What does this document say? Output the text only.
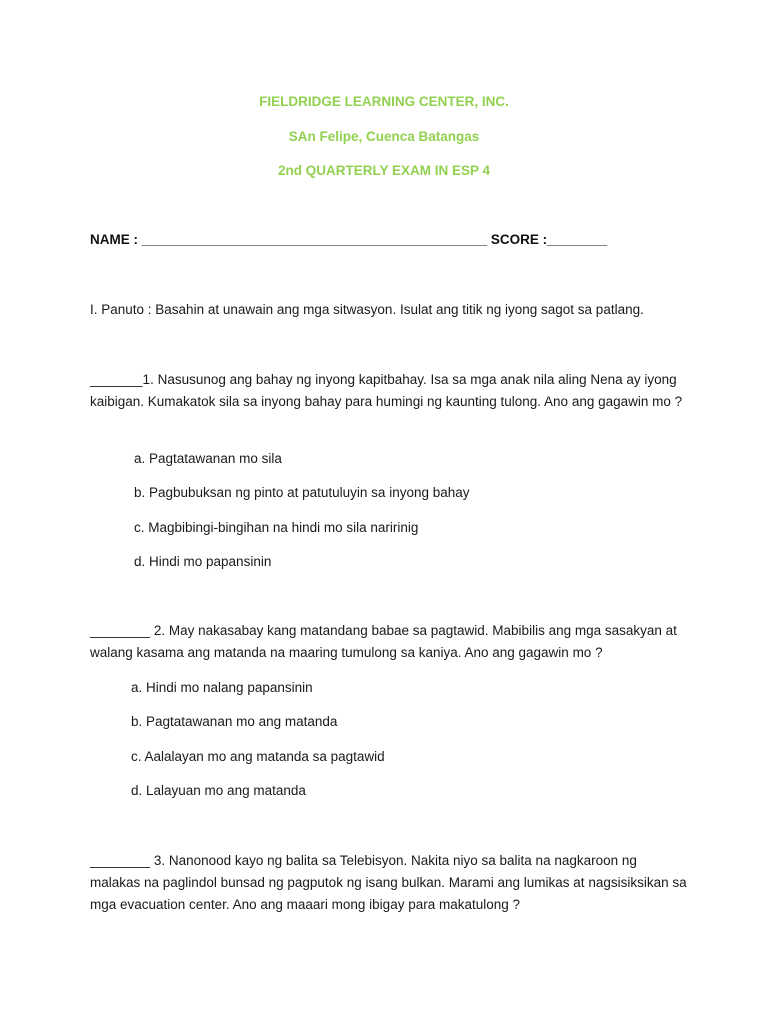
FIELDRIDGE LEARNING CENTER, INC.
SAn Felipe, Cuenca Batangas
2nd QUARTERLY EXAM IN ESP 4
NAME : ______________________________________________ SCORE :________
I. Panuto : Basahin at unawain ang mga sitwasyon. Isulat ang titik ng iyong sagot sa patlang.
_______1. Nasusunog ang bahay ng inyong kapitbahay. Isa sa mga anak nila aling Nena ay iyong kaibigan. Kumakatok sila sa inyong bahay para humingi ng kaunting tulong. Ano ang gagawin mo ?
a. Pagtatawanan mo sila
b. Pagbubuksan ng pinto at patutuluyin sa inyong bahay
c. Magbibingi-bingihan na hindi mo sila naririnig
d. Hindi mo papansinin
________ 2. May nakasabay kang matandang babae sa pagtawid. Mabibilis ang mga sasakyan at walang kasama ang matanda na maaring tumulong sa kaniya. Ano ang gagawin mo ?
a. Hindi mo nalang papansinin
b. Pagtatawanan mo ang matanda
c. Aalalayan mo ang matanda sa pagtawid
d. Lalayuan mo ang matanda
________ 3. Nanonood kayo ng balita sa Telebisyon. Nakita niyo sa balita na nagkaroon ng malakas na paglindol bunsad ng pagputok ng isang bulkan. Marami ang lumikas at nagsisiksikan sa mga evacuation center. Ano ang maaari mong ibigay para makatulong ?
